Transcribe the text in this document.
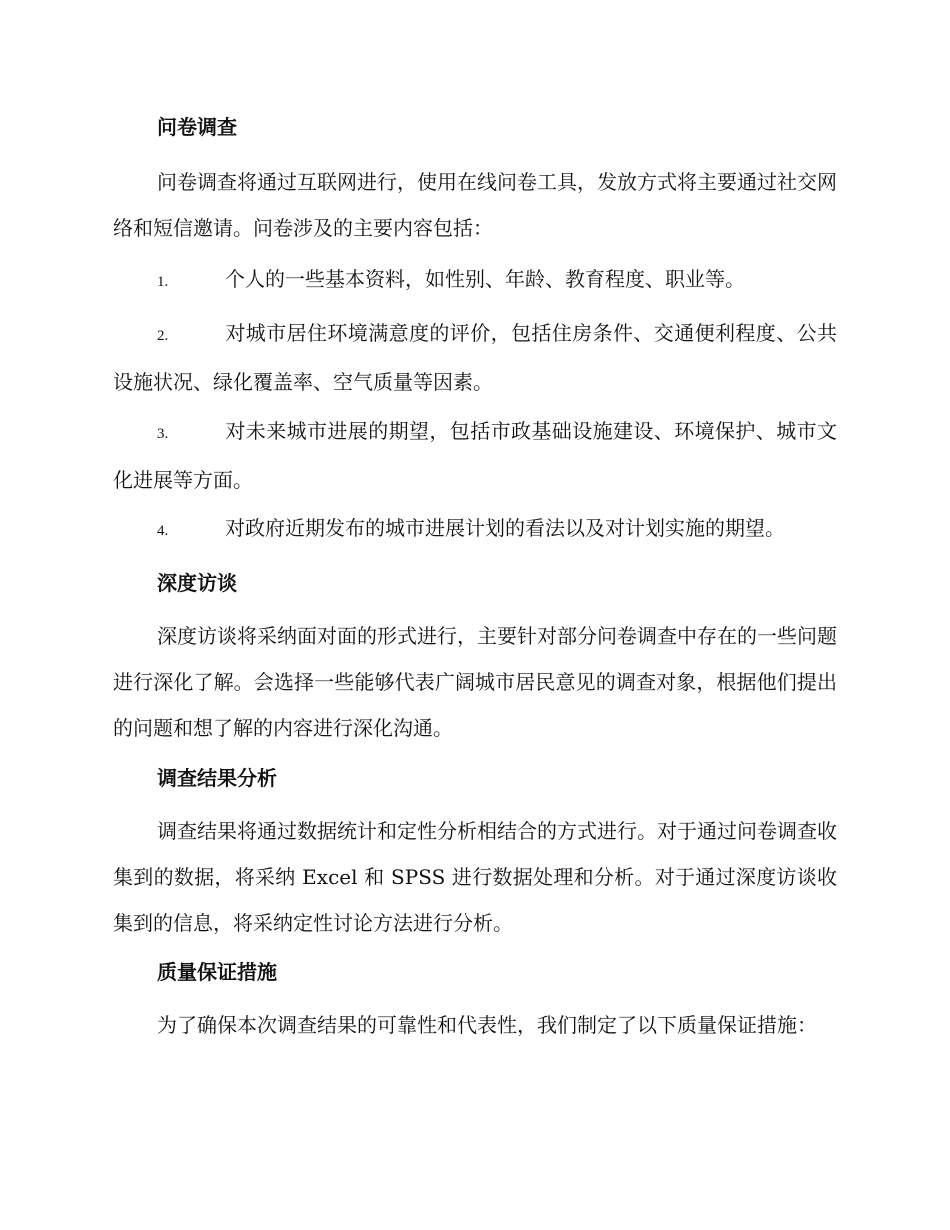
问卷调查

问卷调查将通过互联网进行，使用在线问卷工具，发放方式将主要通过社交网络和短信邀请。问卷涉及的主要内容包括：

1.	个人的一些基本资料，如性别、年龄、教育程度、职业等。

2.	对城市居住环境满意度的评价，包括住房条件、交通便利程度、公共设施状况、绿化覆盖率、空气质量等因素。

3.	对未来城市进展的期望，包括市政基础设施建设、环境保护、城市文化进展等方面。

4.	对政府近期发布的城市进展计划的看法以及对计划实施的期望。

深度访谈

深度访谈将采纳面对面的形式进行，主要针对部分问卷调查中存在的一些问题进行深化了解。会选择一些能够代表广阔城市居民意见的调查对象，根据他们提出的问题和想了解的内容进行深化沟通。

调查结果分析

调查结果将通过数据统计和定性分析相结合的方式进行。对于通过问卷调查收集到的数据，将采纳 Excel 和 SPSS 进行数据处理和分析。对于通过深度访谈收集到的信息，将采纳定性讨论方法进行分析。

质量保证措施

为了确保本次调查结果的可靠性和代表性，我们制定了以下质量保证措施：
